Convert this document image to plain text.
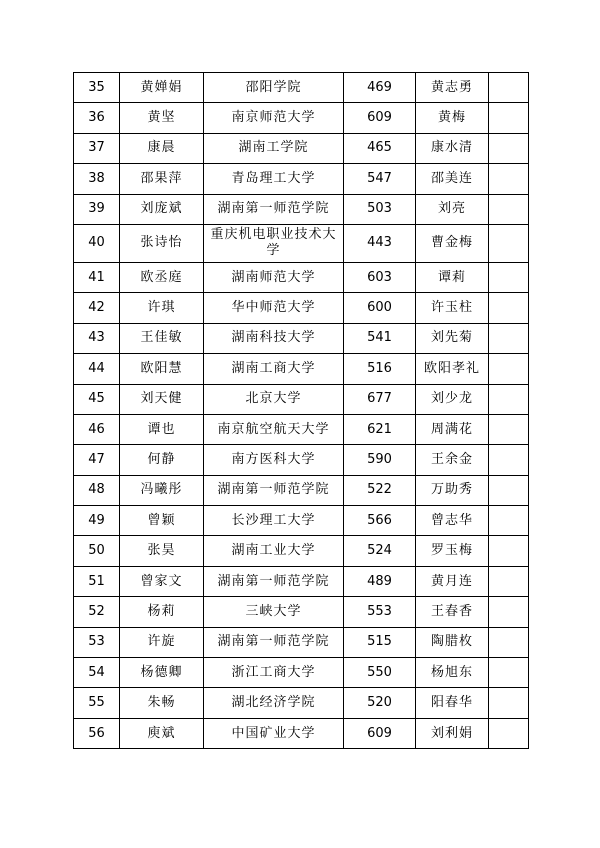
35	黄婵娟	邵阳学院	469	黄志勇	
36	黄坚	南京师范大学	609	黄梅	
37	康晨	湖南工学院	465	康水清	
38	邵果萍	青岛理工大学	547	邵美连	
39	刘庞斌	湖南第一师范学院	503	刘亮	
40	张诗怡	重庆机电职业技术大学	443	曹金梅	
41	欧丞庭	湖南师范大学	603	谭莉	
42	许琪	华中师范大学	600	许玉柱	
43	王佳敏	湖南科技大学	541	刘先菊	
44	欧阳慧	湖南工商大学	516	欧阳孝礼	
45	刘天健	北京大学	677	刘少龙	
46	谭也	南京航空航天大学	621	周满花	
47	何静	南方医科大学	590	王余金	
48	冯曦彤	湖南第一师范学院	522	万助秀	
49	曾颖	长沙理工大学	566	曾志华	
50	张昊	湖南工业大学	524	罗玉梅	
51	曾家文	湖南第一师范学院	489	黄月连	
52	杨莉	三峡大学	553	王春香	
53	许旋	湖南第一师范学院	515	陶腊枚	
54	杨德卿	浙江工商大学	550	杨旭东	
55	朱畅	湖北经济学院	520	阳春华	
56	庾斌	中国矿业大学	609	刘利娟	
